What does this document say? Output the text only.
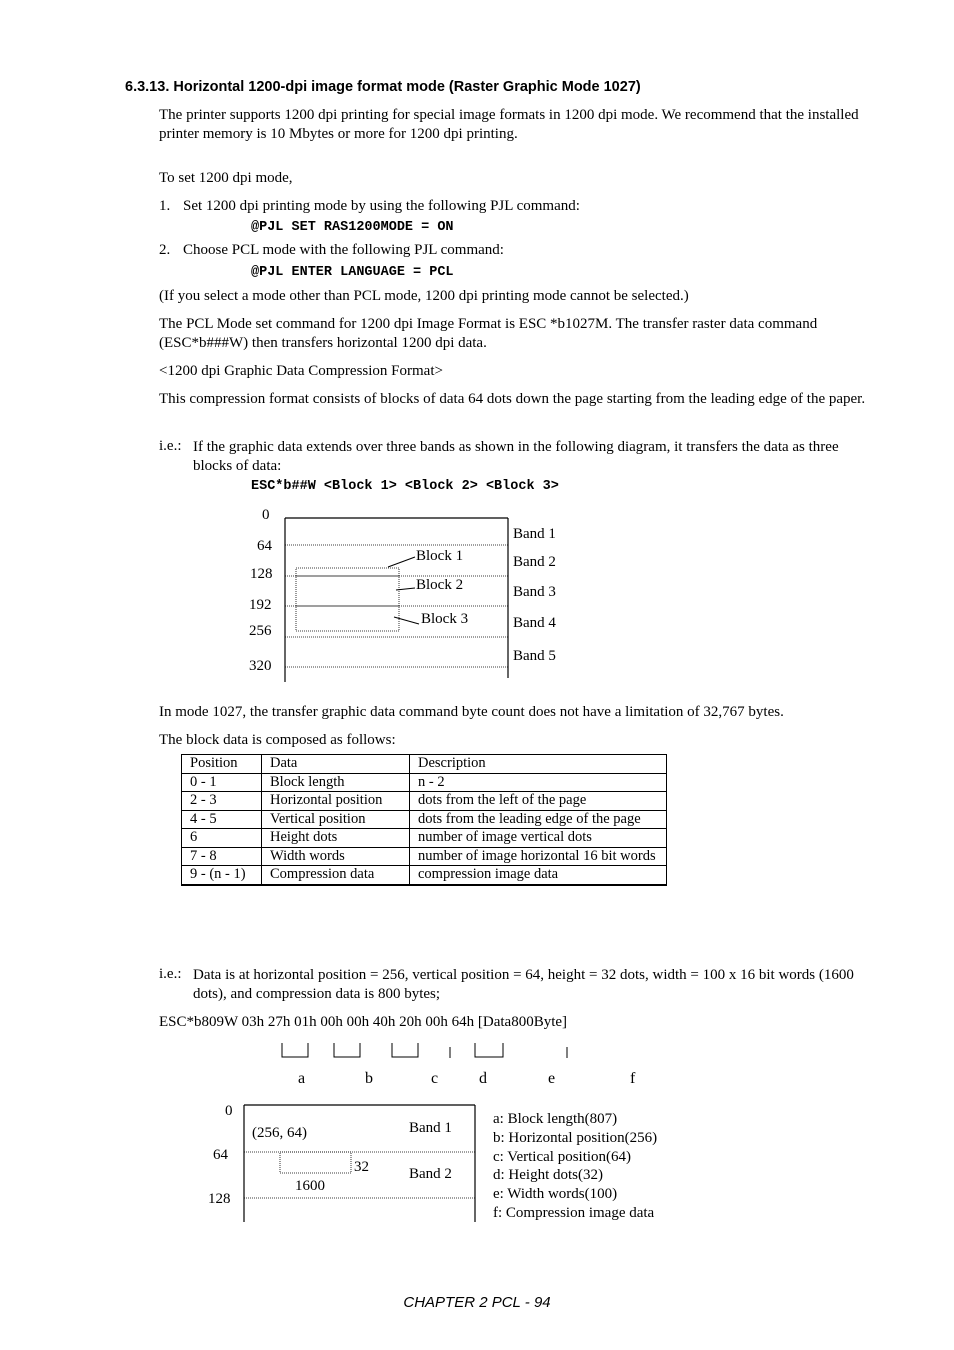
6.3.13. Horizontal 1200-dpi image format mode (Raster Graphic Mode 1027)
The printer supports 1200 dpi printing for special image formats in 1200 dpi mode. We recommend that the installed printer memory is 10 Mbytes or more for 1200 dpi printing.
To set 1200 dpi mode,
1. Set 1200 dpi printing mode by using the following PJL command:
@PJL SET RAS1200MODE = ON
2. Choose PCL mode with the following PJL command:
@PJL ENTER LANGUAGE = PCL
(If you select a mode other than PCL mode, 1200 dpi printing mode cannot be selected.)
The PCL Mode set command for 1200 dpi Image Format is ESC *b1027M. The transfer raster data command (ESC*b###W) then transfers horizontal 1200 dpi data.
<1200 dpi Graphic Data Compression Format>
This compression format consists of blocks of data 64 dots down the page starting from the leading edge of the paper.
i.e.: If the graphic data extends over three bands as shown in the following diagram, it transfers the data as three blocks of data:
ESC*b##W <Block 1> <Block 2> <Block 3>
0
64
128
192
256
320
Band 1
Band 2
Band 3
Band 4
Band 5
Block 1
Block 2
Block 3
In mode 1027, the transfer graphic data command byte count does not have a limitation of 32,767 bytes.
The block data is composed as follows:
Position	Data	Description
0 - 1	Block length	n - 2
2 - 3	Horizontal position	dots from the left of the page
4 - 5	Vertical position	dots from the leading edge of the page
6	Height dots	number of image vertical dots
7 - 8	Width words	number of image horizontal 16 bit words
9 - (n - 1)	Compression data	compression image data
i.e.: Data is at horizontal position = 256, vertical position = 64, height = 32 dots, width = 100 x 16 bit words (1600 dots), and compression data is 800 bytes;
ESC*b809W 03h 27h 01h 00h 00h 40h 20h 00h 64h [Data800Byte]
a	b	c	d	e	f
0
64
128
(256, 64)	Band 1
Band 2
32
1600
a: Block length(807)
b: Horizontal position(256)
c: Vertical position(64)
d: Height dots(32)
e: Width words(100)
f: Compression image data
CHAPTER 2 PCL - 94
